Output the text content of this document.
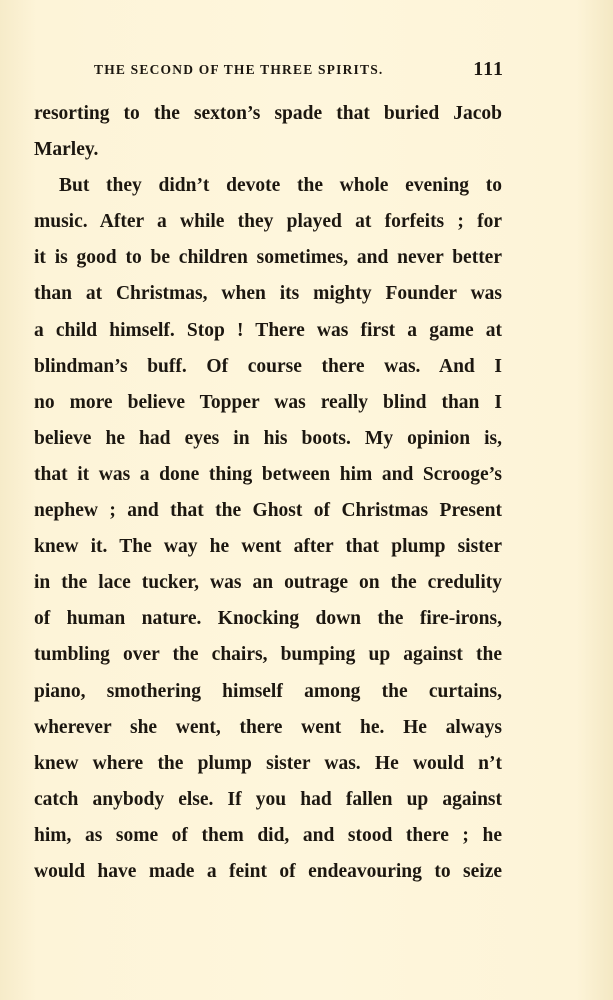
THE SECOND OF THE THREE SPIRITS.	111
resorting to the sexton’s spade that buried Jacob
Marley.
But they didn’t devote the whole evening to
music. After a while they played at forfeits ; for
it is good to be children sometimes, and never better
than at Christmas, when its mighty Founder was
a child himself. Stop ! There was first a game at
blindman’s buff. Of course there was. And I
no more believe Topper was really blind than I
believe he had eyes in his boots. My opinion is,
that it was a done thing between him and Scrooge’s
nephew ; and that the Ghost of Christmas Present
knew it. The way he went after that plump sister
in the lace tucker, was an outrage on the credulity
of human nature. Knocking down the fire-irons,
tumbling over the chairs, bumping up against the
piano, smothering himself among the curtains,
wherever she went, there went he. He always
knew where the plump sister was. He would n’t
catch anybody else. If you had fallen up against
him, as some of them did, and stood there ; he
would have made a feint of endeavouring to seize
